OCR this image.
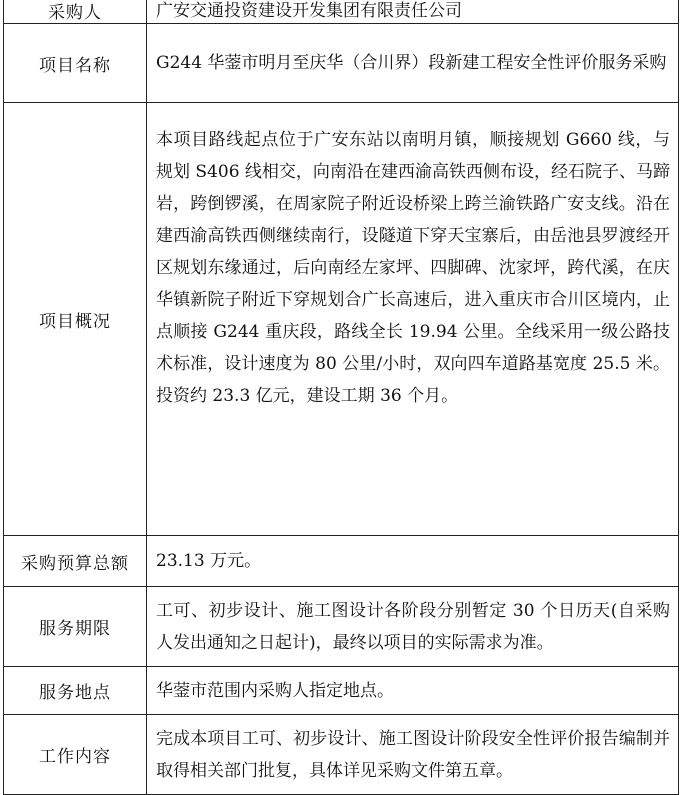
采购人	广安交通投资建设开发集团有限责任公司
项目名称	G244 华蓥市明月至庆华（合川界）段新建工程安全性评价服务采购
项目概况	本项目路线起点位于广安东站以南明月镇，顺接规划 G660 线，与规划 S406 线相交，向南沿在建西渝高铁西侧布设，经石院子、马蹄岩，跨倒锣溪，在周家院子附近设桥梁上跨兰渝铁路广安支线。沿在建西渝高铁西侧继续南行，设隧道下穿天宝寨后，由岳池县罗渡经开区规划东缘通过，后向南经左家坪、四脚碑、沈家坪，跨代溪，在庆华镇新院子附近下穿规划合广长高速后，进入重庆市合川区境内，止点顺接 G244 重庆段，路线全长 19.94 公里。全线采用一级公路技术标准，设计速度为 80 公里/小时，双向四车道路基宽度 25.5 米。投资约 23.3 亿元，建设工期 36 个月。
采购预算总额	23.13 万元。
服务期限	工可、初步设计、施工图设计各阶段分别暂定 30 个日历天(自采购人发出通知之日起计)，最终以项目的实际需求为准。
服务地点	华蓥市范围内采购人指定地点。
工作内容	完成本项目工可、初步设计、施工图设计阶段安全性评价报告编制并取得相关部门批复，具体详见采购文件第五章。
